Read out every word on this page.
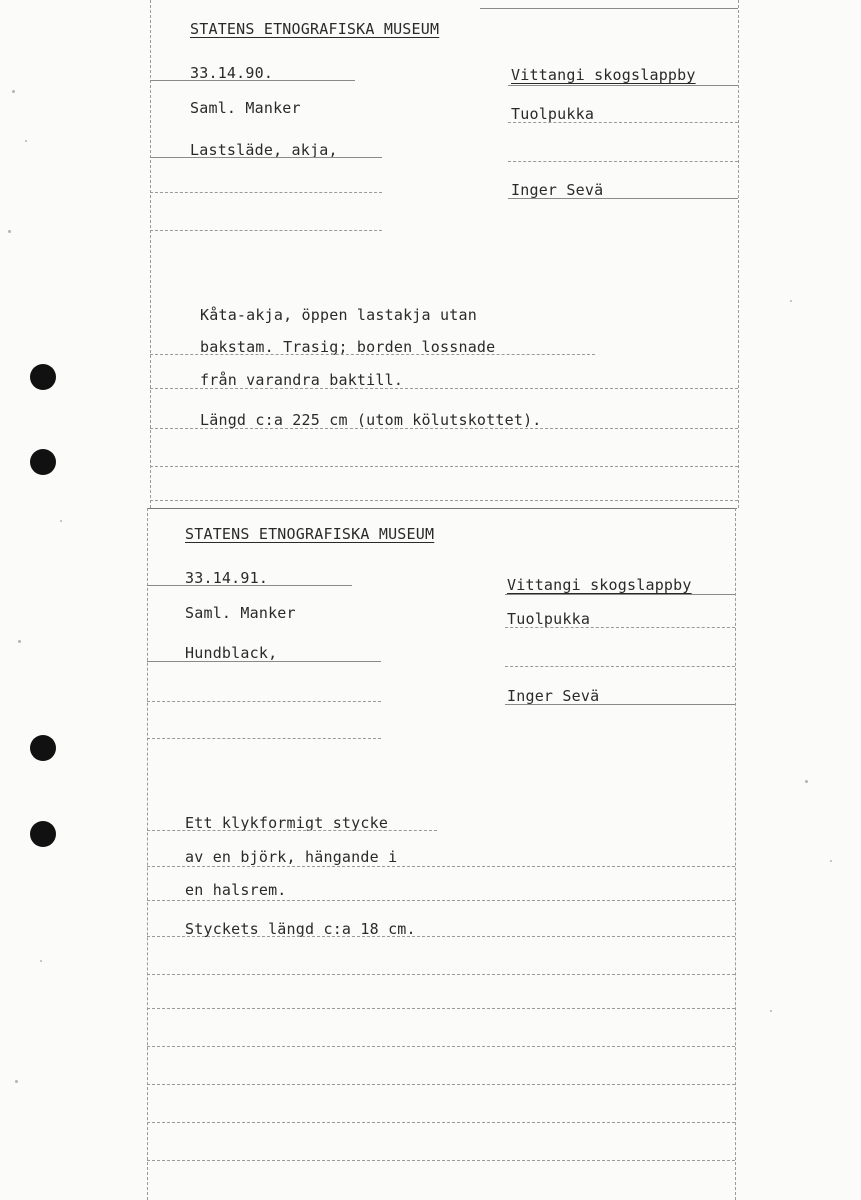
STATENS ETNOGRAFISKA MUSEUM
33.14.90.
Saml. Manker
Lastsläde, akja,
Vittangi skogslappby
Tuolpukka
Inger Sevä
Kåta-akja, öppen lastakja utan
bakstam. Trasig; borden lossnade
från varandra baktill.
Längd c:a 225 cm (utom kölutskottet).
STATENS ETNOGRAFISKA MUSEUM
33.14.91.
Saml. Manker
Hundblack,
Vittangi skogslappby
Tuolpukka
Inger Sevä
Ett klykformigt stycke
av en björk, hängande i
en halsrem.
Styckets längd c:a 18 cm.
